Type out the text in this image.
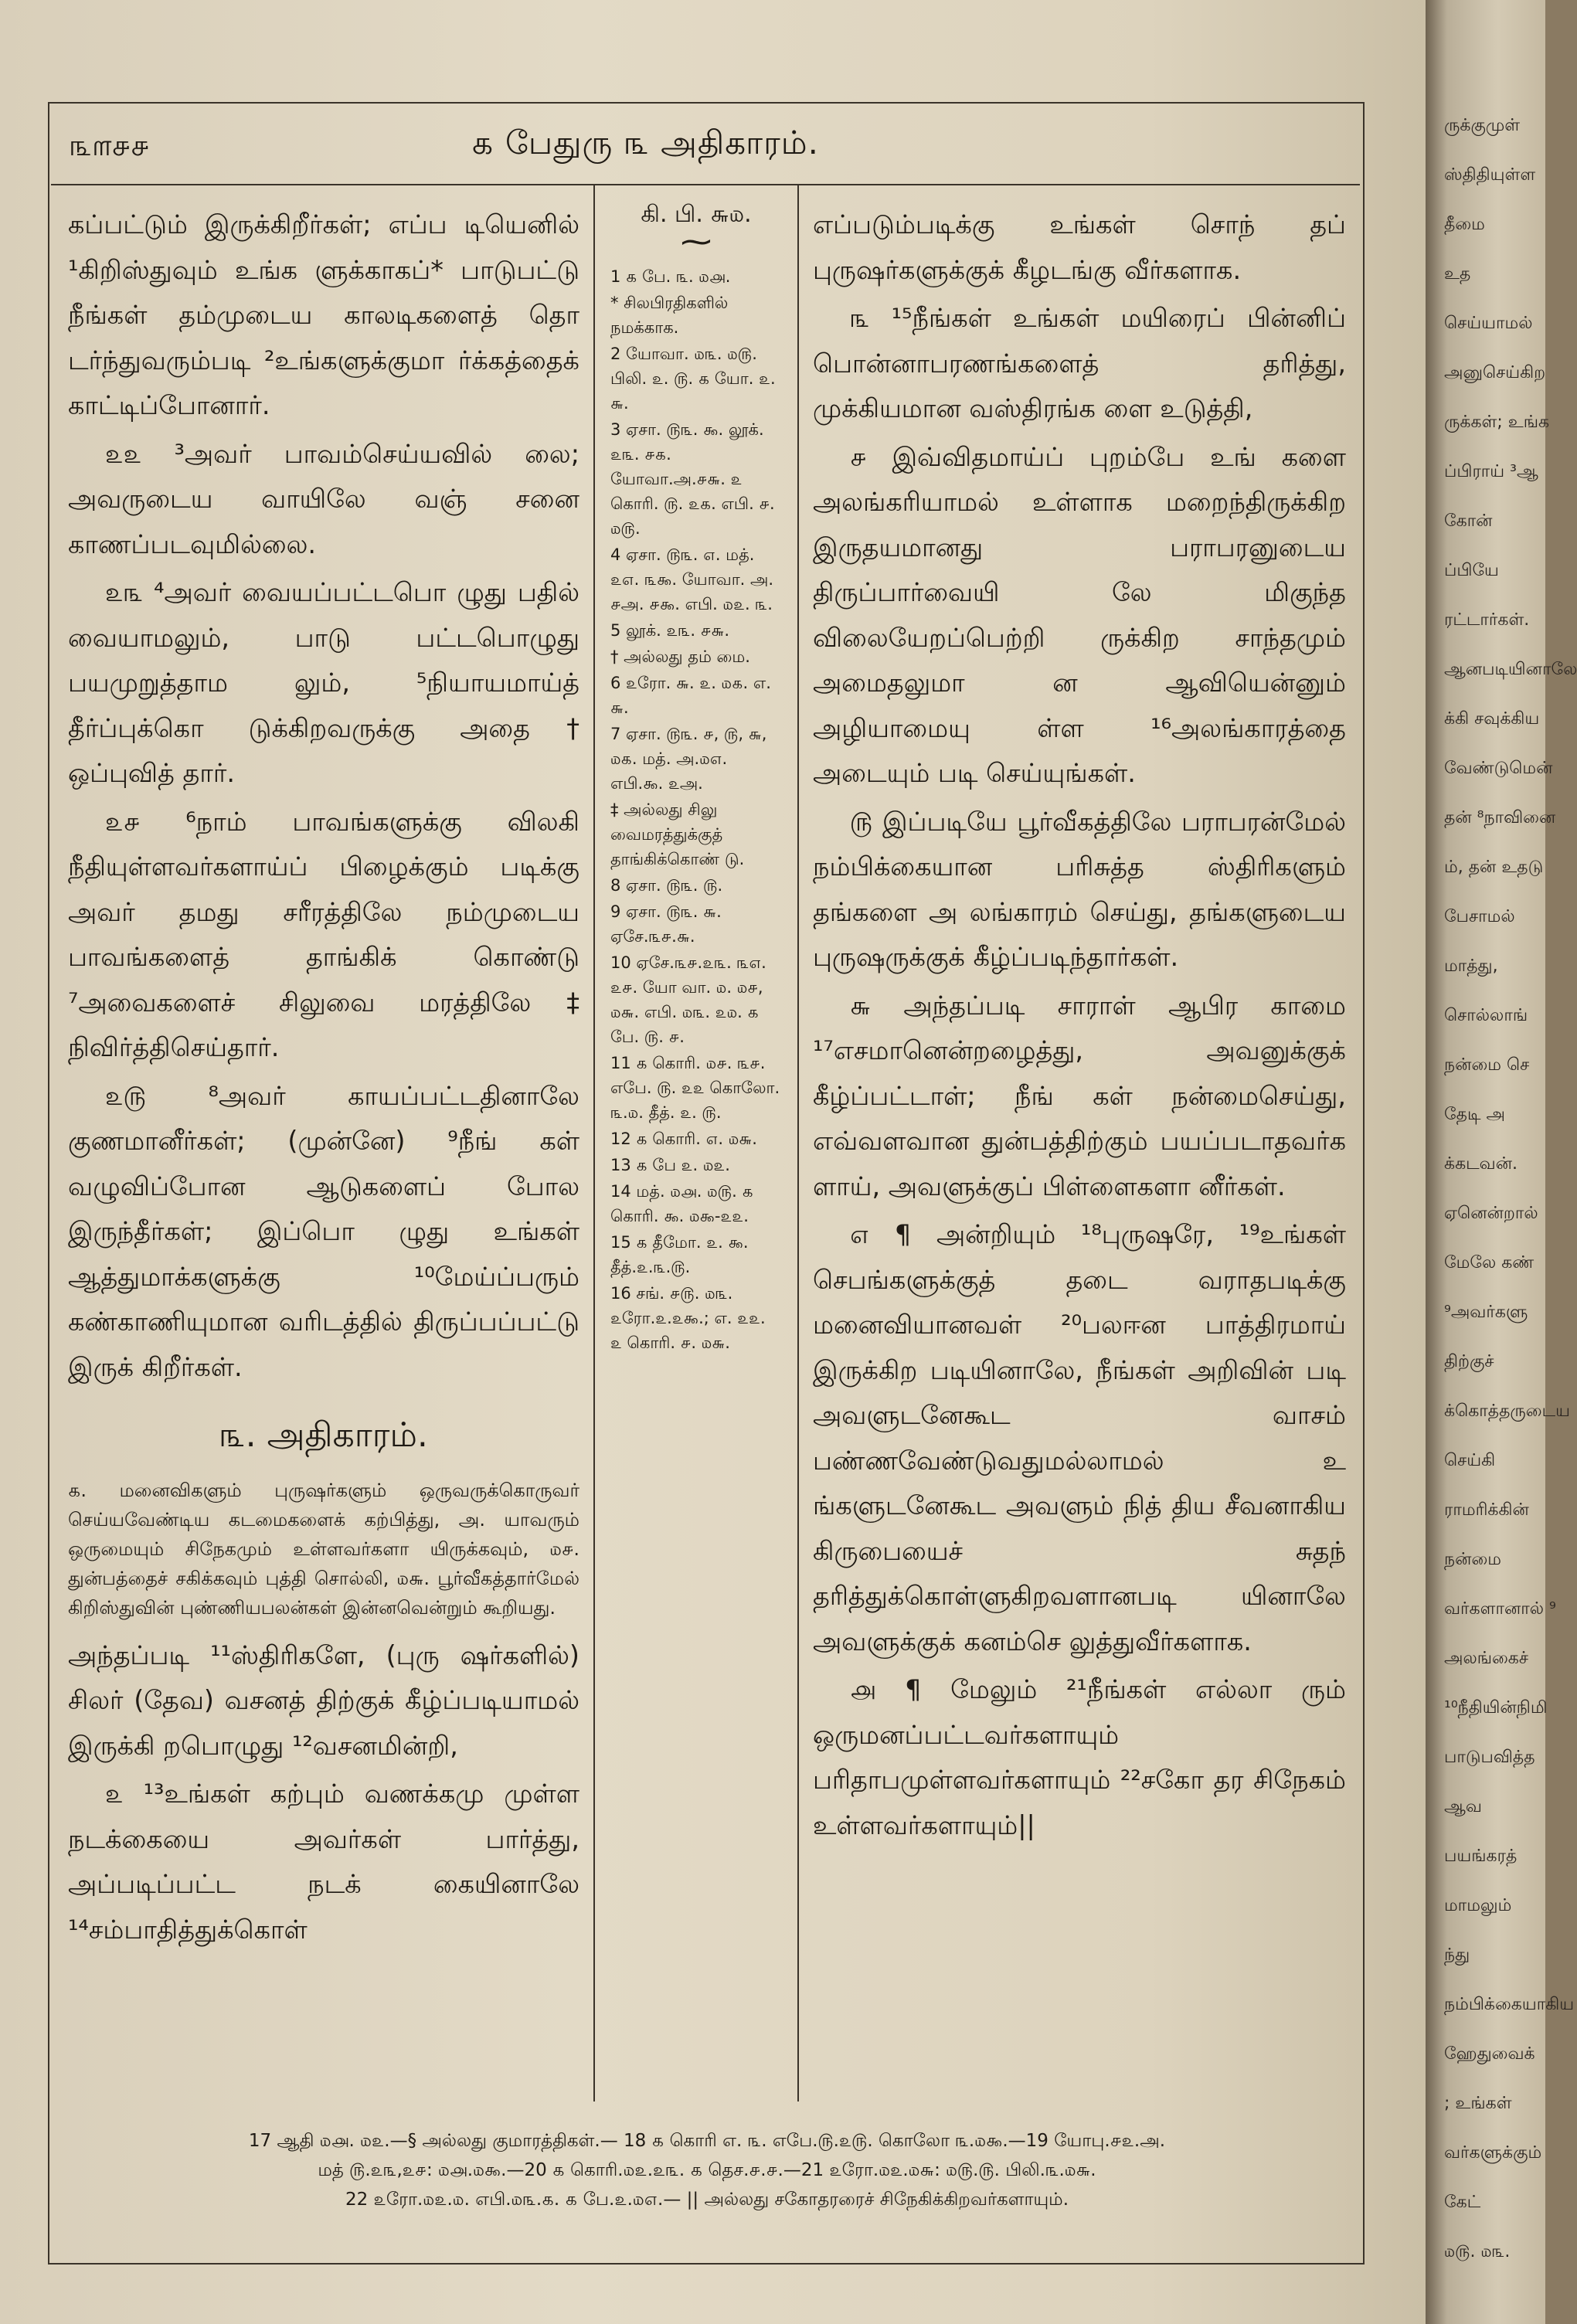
ருக்குமுள்
ஸ்திதியுள்ள
தீமை
உத
செய்யாமல்
அனுசெய்கிற
ருக்கள்; உங்க
ப்பிராய் ³ஆ
கோன்
ப்பியே
ரட்டார்கள்.
ஆனபடியினாலே
க்கி சவுக்கிய
வேண்டுமென்
தன் ⁸நாவினை
ம், தன் உதடு
பேசாமல்
மாத்து,
சொல்லாங்
நன்மை செ
தேடி அ
க்கடவன்.
ஏனென்றால்
மேலே கண்
⁹அவர்களு
திற்குச்
க்கொத்தருடைய
செய்கி
ராமரிக்கின்
நன்மை
வர்களானால் ⁹
அலங்கைச்
¹⁰நீதியின்நிமி
பாடுபவித்த
ஆவ
பயங்கரத்
மாமலும்
ந்து
நம்பிக்கையாகிய
ஹேதுவைக்
; உங்கள்
வர்களுக்கும்
கேட்
௰௫. ௰௩.
௩௱௪௪	௧ பேதுரு ௩ அதிகாரம்.

கப்பட்டும் இருக்கிறீர்கள்; எப்ப டியெனில் ¹கிறிஸ்துவும் உங்க ளுக்காகப்* பாடுபட்டு நீங்கள் தம்முடைய காலடிகளைத் தொ டர்ந்துவரும்படி ²உங்களுக்குமா ர்க்கத்தைக் காட்டிப்போனார்.

௨௨ ³அவர் பாவம்செய்யவில் லை; அவருடைய வாயிலே வஞ் சனை காணப்படவுமில்லை.

௨௩ ⁴அவர் வையப்பட்டபொ ழுது பதில் வையாமலும், பாடு பட்டபொழுது பயமுறுத்தாம லும், ⁵நியாயமாய்த் தீர்ப்புக்கொ டுக்கிறவருக்கு அதை† ஒப்புவித் தார்.

௨௪ ⁶நாம் பாவங்களுக்கு விலகி நீதியுள்ளவர்களாய்ப் பிழைக்கும் படிக்கு அவர் தமது சரீரத்திலே நம்முடைய பாவங்களைத் தாங்கிக் கொண்டு ⁷அவைகளைச் சிலுவை மரத்திலே‡ நிவிர்த்திசெய்தார்.

௨௫ ⁸அவர் காயப்பட்டதினாலே குணமானீர்கள்; (முன்னே) ⁹நீங் கள் வழுவிப்போன ஆடுகளைப் போல இருந்தீர்கள்; இப்பொ ழுது உங்கள் ஆத்துமாக்களுக்கு ¹⁰மேய்ப்பரும் கண்காணியுமான வரிடத்தில் திருப்பப்பட்டு இருக் கிறீர்கள்.

௩. அதிகாரம்.
௧. மனைவிகளும் புருஷர்களும் ஒருவருக்கொருவர் செய்யவேண்டிய கடமைகளைக் கற்பித்து, அ. யாவரும் ஒருமையும் சிநேகமும் உள்ளவர்களா யிருக்கவும், ௰௪. துன்பத்தைச் சகிக்கவும் புத்தி சொல்லி, ௰௬. பூர்வீகத்தார்மேல் கிறிஸ்துவின் புண்ணியபலன்கள் இன்னவென்றும் கூறியது.

அந்தப்படி ¹¹ஸ்திரிகளே, (புரு ஷர்களில்) சிலர் (தேவ) வசனத் திற்குக் கீழ்ப்படியாமல் இருக்கி றபொழுது ¹²வசனமின்றி,

௨ ¹³உங்கள் கற்பும் வணக்கமு முள்ள நடக்கையை அவர்கள் பார்த்து, அப்படிப்பட்ட நடக் கையினாலே ¹⁴சம்பாதித்துக்கொள்

கி. பி. ௬௰.
⁓
1 ௧ பே. ௩. ௰௮.
* சிலபிரதிகளில் நமக்காக.
2 யோவா. ௰௩. ௰௫. பிலி. ௨. ௫. ௧ யோ. ௨. ௬.
3 ஏசா. ௫௩. ௯. லூக். ௨௩. ௪௧. யோவா.அ.௪௬. ௨ கொரி. ௫. ௨௧. எபி. ௪. ௰௫.
4 ஏசா. ௫௩. ௭. மத். ௨௭. ௩௯. யோவா. அ. ௪அ. ௪௯. எபி. ௰௨. ௩.
5 லூக். ௨௩. ௪௬.
† அல்லது தம் மை.
6 ௨ரோ. ௬. ௨. ௰௧. எ. ௬.
7 ஏசா. ௫௩. ௪, ௫, ௬, ௰௧. மத். அ.௰௭. எபி.௯. ௨அ.
‡ அல்லது சிலு வைமரத்துக்குத் தாங்கிக்கொண் டு.
8 ஏசா. ௫௩. ௫.
9 ஏசா. ௫௩. ௬. ஏசே.௩௪.௬.
10 ஏசே.௩௪.௨௩. ௩௭. ௨௪. யோ வா. ௰. ௰௪, ௰௬. எபி. ௰௩. ௨௰. ௧ பே. ௫. ௪.
11 ௧ கொரி. ௰௪. ௩௪. எபே. ௫. ௨௨ கொலோ. ௩.௰. தீத். ௨. ௫.
12 ௧ கொரி. ௭. ௰௬.
13 ௧ பே ௨. ௰௨.
14 மத். ௰௮. ௰௫. ௧ கொரி. ௯. ௰௯-௨௨.
15 ௧ தீமோ. ௨. ௯. தீத்.௨.௩.௫.
16 சங். ௪௫. ௰௩. ௨ரோ.௨.௨௯.; எ. ௨௨. ௨ கொரி. ௪. ௰௬.

எப்படும்படிக்கு உங்கள் சொந் தப் புருஷர்களுக்குக் கீழடங்கு வீர்களாக.

௩ ¹⁵நீங்கள் உங்கள் மயிரைப் பின்னிப் பொன்னாபரணங்களைத் தரித்து, முக்கியமான வஸ்திரங்க ளை உடுத்தி,

௪ இவ்விதமாய்ப் புறம்பே உங் களை அலங்கரியாமல் உள்ளாக மறைந்திருக்கிற இருதயமானது பராபரனுடைய திருப்பார்வையி லே மிகுந்த விலையேறப்பெற்றி ருக்கிற சாந்தமும் அமைதலுமா ன ஆவியென்னும் அழியாமையு ள்ள ¹⁶அலங்காரத்தை அடையும் படி செய்யுங்கள்.

௫ இப்படியே பூர்வீகத்திலே பராபரன்மேல் நம்பிக்கையான பரிசுத்த ஸ்திரிகளும் தங்களை அ லங்காரம் செய்து, தங்களுடைய புருஷருக்குக் கீழ்ப்படிந்தார்கள்.

௬ அந்தப்படி சாராள் ஆபிர காமை ¹⁷எசமானென்றழைத்து, அவனுக்குக் கீழ்ப்பட்டாள்; நீங் கள் நன்மைசெய்து, எவ்வளவான துன்பத்திற்கும் பயப்படாதவர்க ளாய், அவளுக்குப் பிள்ளைகளா னீர்கள்.

௭ ¶ அன்றியும் ¹⁸புருஷரே, ¹⁹உங்கள் செபங்களுக்குத் தடை வராதபடிக்கு மனைவியானவள் ²⁰பலஈன பாத்திரமாய் இருக்கிற படியினாலே, நீங்கள் அறிவின் படி அவளுடனேகூட வாசம் பண்ணவேண்டுவதுமல்லாமல் உ ங்களுடனேகூட அவளும் நித் திய சீவனாகிய கிருபையைச் சுதந் தரித்துக்கொள்ளுகிறவளானபடி யினாலே அவளுக்குக் கனம்செ லுத்துவீர்களாக.

௮ ¶ மேலும் ²¹நீங்கள் எல்லா ரும் ஒருமனப்பட்டவர்களாயும் பரிதாபமுள்ளவர்களாயும் ²²சகோ தர சிநேகம் உள்ளவர்களாயும்||

17 ஆதி ௰௮. ௰௨.—§ அல்லது குமாரத்திகள்.— 18 ௧ கொரி எ. ௩. எபே.௫.௨௫. கொலோ ௩.௰௯.—19 யோபு.௪௨.அ.
மத் ௫.௨௩,௨௪: ௰௮.௰௯.—20 ௧ கொரி.௰௨.௨௩. ௧ தெச.௪.௪.—21 ௨ரோ.௰௨.௰௬: ௰௫.௫. பிலி.௩.௰௬.
22 ௨ரோ.௰௨.௰. எபி.௰௩.௧. ௧ பே.௨.௰௭.— || அல்லது சகோதரரைச் சிநேகிக்கிறவர்களாயும்.
